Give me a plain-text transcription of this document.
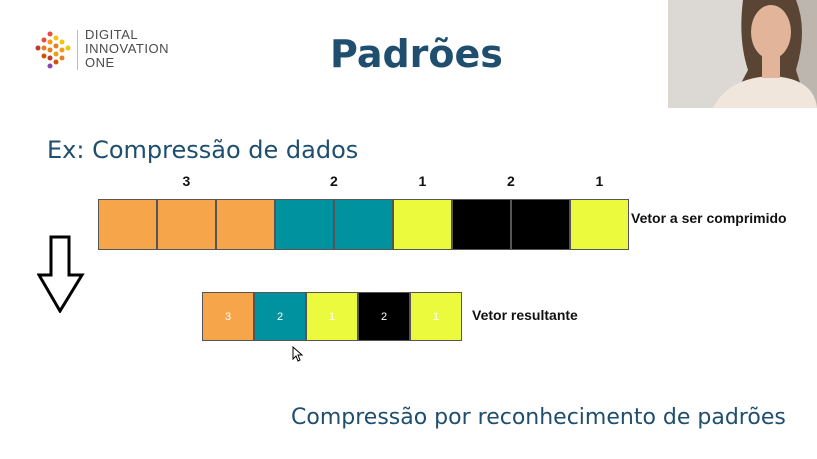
DIGITAL
INNOVATION
ONE	Padrões
Ex: Compressão de dados
3	2	1	2	1
Vetor a ser comprimido
3	2	1	2	1	Vetor resultante
Compressão por reconhecimento de padrões
